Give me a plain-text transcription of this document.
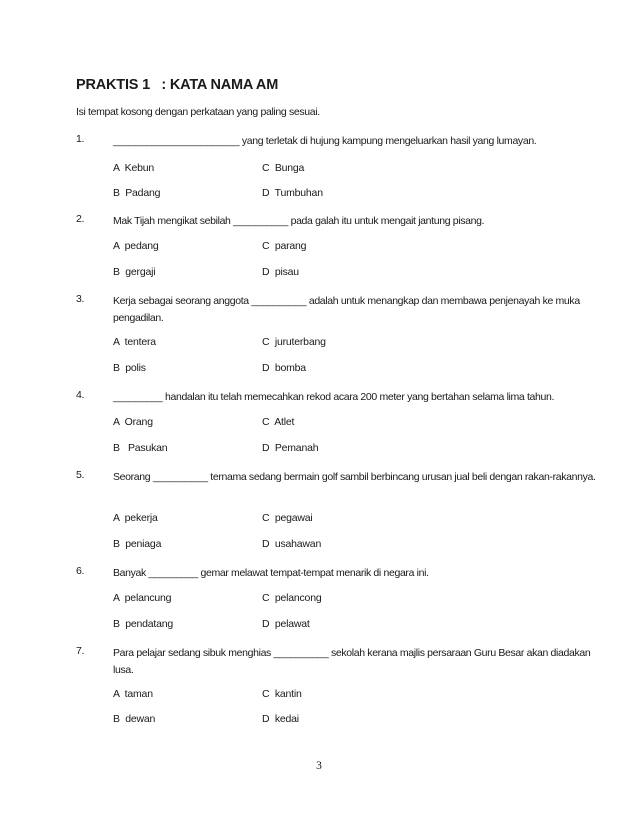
PRAKTIS 1   : KATA NAMA AM
Isi tempat kosong dengan perkataan yang paling sesuai.
1.	_______________________ yang terletak di hujung kampung mengeluarkan hasil yang lumayan.
A  Kebun	C  Bunga
B  Padang	D  Tumbuhan
2.	Mak Tijah mengikat sebilah __________ pada galah itu untuk mengait jantung pisang.
A  pedang	C  parang
B  gergaji	D  pisau
3.	Kerja sebagai seorang anggota __________ adalah untuk menangkap dan membawa penjenayah ke muka pengadilan.
A  tentera	C  juruterbang
B  polis	D  bomba
4.	_________ handalan itu telah memecahkan rekod acara 200 meter yang bertahan selama lima tahun.
A  Orang	C  Atlet
B   Pasukan	D  Pemanah
5.	Seorang __________ ternama sedang bermain golf sambil berbincang urusan jual beli dengan rakan-rakannya.
A  pekerja	C  pegawai
B  peniaga	D  usahawan
6.	Banyak _________ gemar melawat tempat-tempat menarik di negara ini.
A  pelancung	C  pelancong
B  pendatang	D  pelawat
7.	Para pelajar sedang sibuk menghias __________ sekolah kerana majlis persaraan Guru Besar akan diadakan lusa.
A  taman	C  kantin
B  dewan	D  kedai
3
